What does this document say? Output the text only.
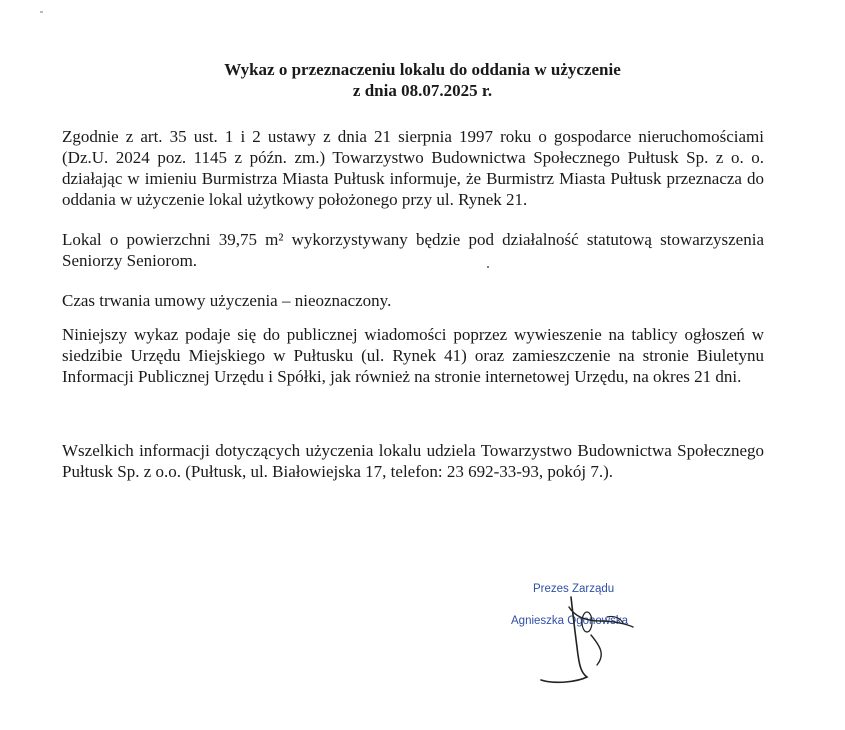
Wykaz o przeznaczeniu lokalu do oddania w użyczenie
z dnia 08.07.2025 r.
Zgodnie z art. 35 ust. 1 i 2 ustawy z dnia 21 sierpnia 1997 roku o gospodarce nieruchomościami (Dz.U. 2024 poz. 1145 z późn. zm.) Towarzystwo Budownictwa Społecznego Pułtusk Sp. z o. o. działając w imieniu Burmistrza Miasta Pułtusk informuje, że Burmistrz Miasta Pułtusk przeznacza do oddania w użyczenie lokal użytkowy położonego przy ul. Rynek 21.
Lokal o powierzchni 39,75 m² wykorzystywany będzie pod działalność statutową stowarzyszenia Seniorzy Seniorom.
Czas trwania umowy użyczenia – nieoznaczony.
Niniejszy wykaz podaje się do publicznej wiadomości poprzez wywieszenie na tablicy ogłoszeń w siedzibie Urzędu Miejskiego w Pułtusku (ul. Rynek 41) oraz zamieszczenie na stronie Biuletynu Informacji Publicznej Urzędu i Spółki, jak również na stronie internetowej Urzędu, na okres 21 dni.
Wszelkich informacji dotyczących użyczenia lokalu udziela Towarzystwo Budownictwa Społecznego Pułtusk Sp. z o.o. (Pułtusk, ul. Białowiejska 17, telefon: 23 692-33-93, pokój 7.).
Prezes Zarządu
Agnieszka Ogonowska
